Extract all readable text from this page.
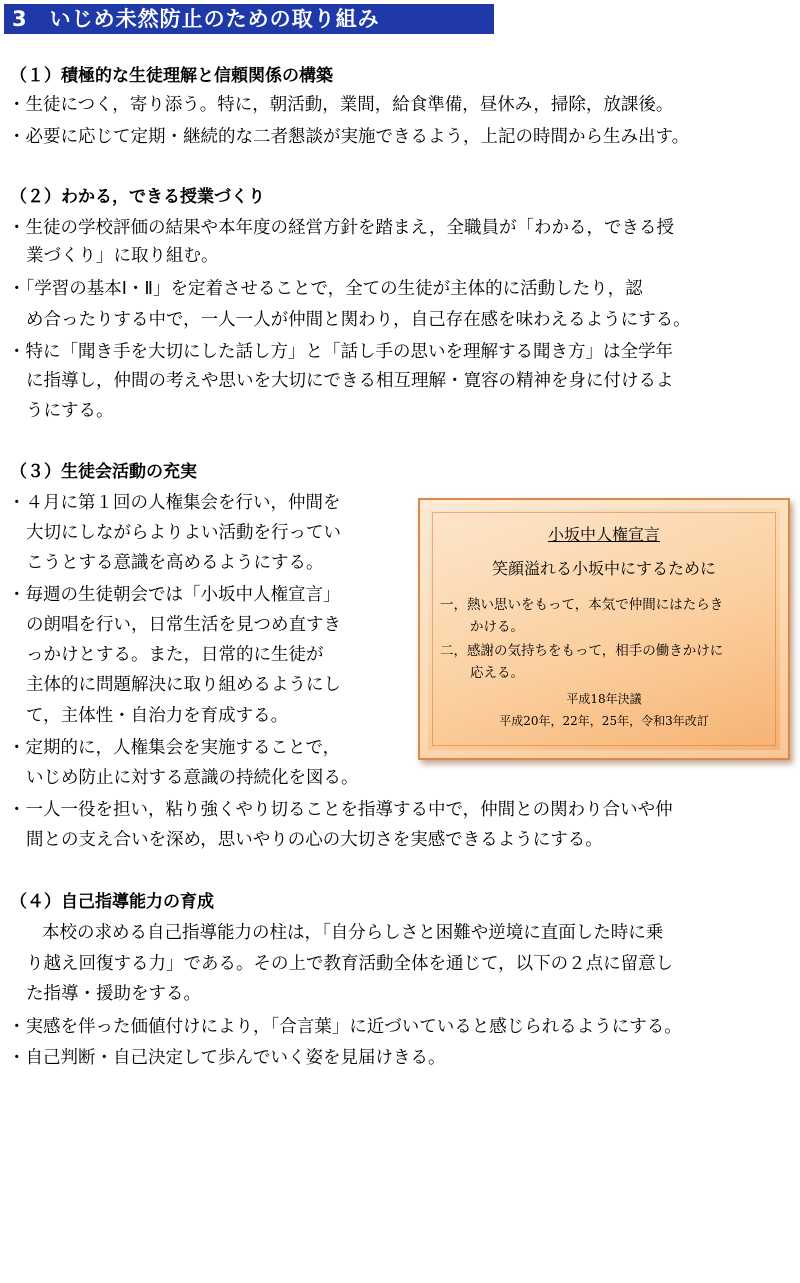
3　いじめ未然防止のための取り組み
（１）積極的な生徒理解と信頼関係の構築
・生徒につく，寄り添う。特に，朝活動，業間，給食準備，昼休み，掃除，放課後。
・必要に応じて定期・継続的な二者懇談が実施できるよう，上記の時間から生み出す。
（２）わかる，できる授業づくり
・生徒の学校評価の結果や本年度の経営方針を踏まえ，全職員が「わかる，できる授
業づくり」に取り組む。
・「学習の基本Ⅰ・Ⅱ」を定着させることで，全ての生徒が主体的に活動したり，認
め合ったりする中で，一人一人が仲間と関わり，自己存在感を味わえるようにする。
・特に「聞き手を大切にした話し方」と「話し手の思いを理解する聞き方」は全学年
に指導し，仲間の考えや思いを大切にできる相互理解・寛容の精神を身に付けるよ
うにする。
（３）生徒会活動の充実
・４月に第１回の人権集会を行い，仲間を
大切にしながらよりよい活動を行ってい
こうとする意識を高めるようにする。
・毎週の生徒朝会では「小坂中人権宣言」
の朗唱を行い，日常生活を見つめ直すき
っかけとする。また，日常的に生徒が
主体的に問題解決に取り組めるようにし
て，主体性・自治力を育成する。
・定期的に，人権集会を実施することで，
いじめ防止に対する意識の持続化を図る。
・一人一役を担い，粘り強くやり切ることを指導する中で，仲間との関わり合いや仲
間との支え合いを深め，思いやりの心の大切さを実感できるようにする。
小坂中人権宣言
笑顔溢れる小坂中にするために
一，熱い思いをもって，本気で仲間にはたらき
かける。
二，感謝の気持ちをもって，相手の働きかけに
応える。
平成18年決議
平成20年，22年，25年，令和3年改訂
（４）自己指導能力の育成
本校の求める自己指導能力の柱は，「自分らしさと困難や逆境に直面した時に乗
り越え回復する力」である。その上で教育活動全体を通じて，以下の２点に留意し
た指導・援助をする。
・実感を伴った価値付けにより，「合言葉」に近づいていると感じられるようにする。
・自己判断・自己決定して歩んでいく姿を見届けきる。
